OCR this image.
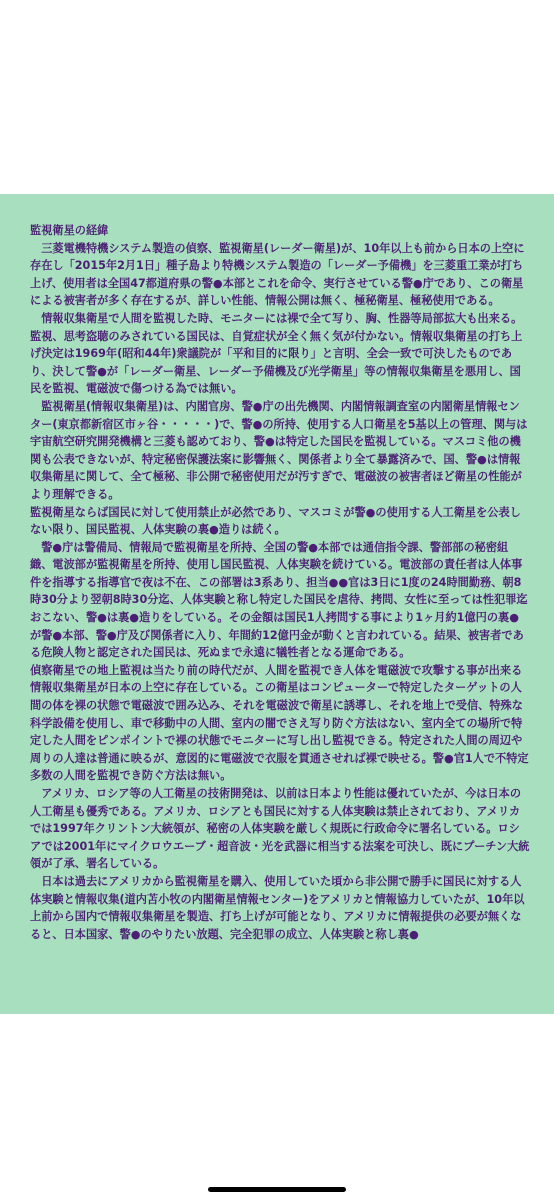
監視衛星の経緯

　三菱電機特機システム製造の偵察、監視衛星(レーダー衛星)が、10年以上も前から日本の上空に存在し「2015年2月1日」種子島より特機システム製造の「レーダー予備機」を三菱重工業が打ち上げ、使用者は全国47都道府県の警●本部とこれを命令、実行させている警●庁であり、この衛星による被害者が多く存在するが、詳しい性能、情報公開は無く、極秘衛星、極秘使用である。

　情報収集衛星で人間を監視した時、モニターには裸で全て写り、胸、性器等局部拡大も出来る。監視、思考盗聴のみされている国民は、自覚症状が全く無く気が付かない。情報収集衛星の打ち上げ決定は1969年(昭和44年)衆議院が「平和目的に限り」と言明、全会一致で可決したものであり、決して警●が「レーダー衛星、レーダー予備機及び光学衛星」等の情報収集衛星を悪用し、国民を監視、電磁波で傷つける為では無い。

　監視衛星(情報収集衛星)は、内閣官房、警●庁の出先機関、内閣情報調査室の内閣衛星情報センター(東京都新宿区市ヶ谷・・・・・)で、警●の所持、使用する人口衛星を5基以上の管理、関与は宇宙航空研究開発機構と三菱も認めており、警●は特定した国民を監視している。マスコミ他の機関も公表できないが、特定秘密保護法案に影響無く、関係者より全て暴露済みで、国、警●は情報収集衛星に関して、全て極秘、非公開で秘密使用だが汚すぎで、電磁波の被害者ほど衛星の性能がより理解できる。

監視衛星ならば国民に対して使用禁止が必然であり、マスコミが警●の使用する人工衛星を公表しない限り、国民監視、人体実験の裏●造りは続く。

　警●庁は警備局、情報局で監視衛星を所持、全国の警●本部では通信指令課、警部部の秘密組織、電波部が監視衛星を所持、使用し国民監視、人体実験を続けている。電波部の責任者は人体事件を指導する指導官で夜は不在、この部署は3系あり、担当●●官は3日に1度の24時間勤務、朝8時30分より翌朝8時30分迄、人体実験と称し特定した国民を虐待、拷問、女性に至っては性犯罪迄おこない、警●は裏●造りをしている。その金額は国民1人拷問する事により1ヶ月約1億円の裏●が警●本部、警●庁及び関係者に入り、年間約12億円金が動くと言われている。結果、被害者である危険人物と認定された国民は、死ぬまで永遠に犠牲者となる運命である。

偵察衛星での地上監視は当たり前の時代だが、人間を監視でき人体を電磁波で攻撃する事が出来る情報収集衛星が日本の上空に存在している。この衛星はコンピューターで特定したターゲットの人間の体を裸の状態で電磁波で囲み込み、それを電磁波で衛星に誘導し、それを地上で受信、特殊な科学設備を使用し、車で移動中の人間、室内の闇でさえ写り防ぐ方法はない、室内全ての場所で特定した人間をピンポイントで裸の状態でモニターに写し出し監視できる。特定された人間の周辺や周りの人達は普通に映るが、意図的に電磁波で衣服を貫通させれば裸で映せる。警●官1人で不特定多数の人間を監視でき防ぐ方法は無い。

　アメリカ、ロシア等の人工衛星の技術開発は、以前は日本より性能は優れていたが、今は日本の人工衛星も優秀である。アメリカ、ロシアとも国民に対する人体実験は禁止されており、アメリカでは1997年クリントン大統領が、秘密の人体実験を厳しく規既に行政命令に署名している。ロシアでは2001年にマイクロウエーブ・超音波・光を武器に相当する法案を可決し、既にプーチン大統領が了承、署名している。

　日本は過去にアメリカから監視衛星を購入、使用していた頃から非公開で勝手に国民に対する人体実験と情報収集(道内苫小牧の内閣衛星情報センター)をアメリカと情報協力していたが、10年以上前から国内で情報収集衛星を製造、打ち上げが可能となり、アメリカに情報提供の必要が無くなると、日本国家、警●のやりたい放題、完全犯罪の成立、人体実験と称し裏●
